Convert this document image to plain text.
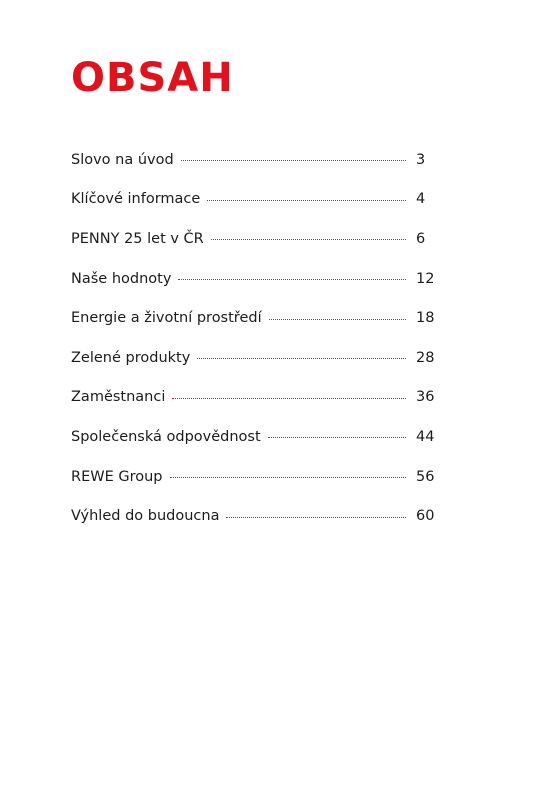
OBSAH
Slovo na úvod	3
Klíčové informace	4
PENNY 25 let v ČR	6
Naše hodnoty	12
Energie a životní prostředí	18
Zelené produkty	28
Zaměstnanci	36
Společenská odpovědnost	44
REWE Group	56
Výhled do budoucna	60
